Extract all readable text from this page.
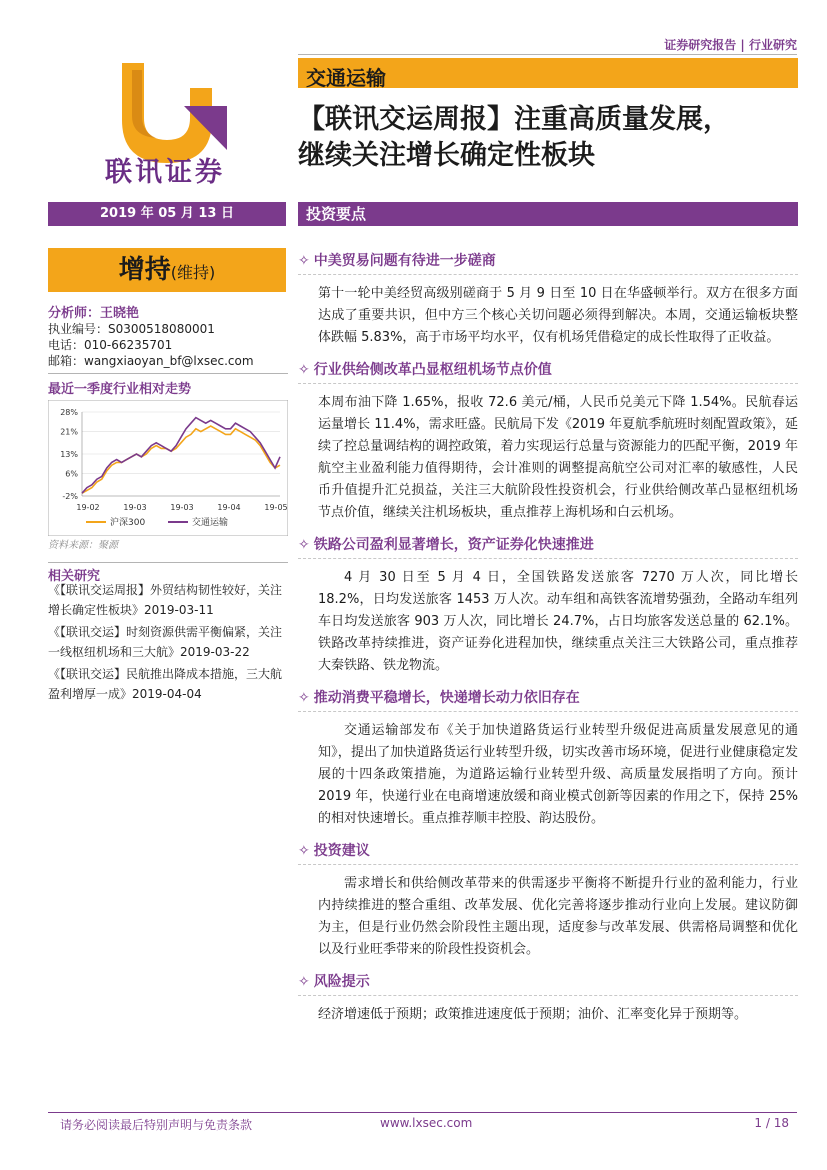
证券研究报告 | 行业研究
联讯证券
交通运输
【联讯交运周报】注重高质量发展，
继续关注增长确定性板块
2019 年 05 月 13 日	投资要点
增持(维持)
分析师：王晓艳
执业编号：S0300518080001
电话：010-66235701
邮箱：wangxiaoyan_bf@lxsec.com
最近一季度行业相对走势
28%
21%
13%
6%
-2%
19-02	19-03	19-03	19-04	19-05
沪深300	交通运输
资料来源：聚源
相关研究
《【联讯交运周报】外贸结构韧性较好，关注增长确定性板块》2019-03-11
《【联讯交运】时刻资源供需平衡偏紧，关注一线枢纽机场和三大航》2019-03-22
《【联讯交运】民航推出降成本措施，三大航盈利增厚一成》2019-04-04
✧ 中美贸易问题有待进一步磋商
第十一轮中美经贸高级别磋商于 5 月 9 日至 10 日在华盛顿举行。双方在很多方面达成了重要共识，但中方三个核心关切问题必须得到解决。本周，交通运输板块整体跌幅 5.83%，高于市场平均水平，仅有机场凭借稳定的成长性取得了正收益。
✧ 行业供给侧改革凸显枢纽机场节点价值
本周布油下降 1.65%，报收 72.6 美元/桶，人民币兑美元下降 1.54%。民航春运运量增长 11.4%，需求旺盛。民航局下发《2019 年夏航季航班时刻配置政策》，延续了控总量调结构的调控政策，着力实现运行总量与资源能力的匹配平衡，2019 年航空主业盈利能力值得期待，会计准则的调整提高航空公司对汇率的敏感性，人民币升值提升汇兑损益，关注三大航阶段性投资机会，行业供给侧改革凸显枢纽机场节点价值，继续关注机场板块，重点推荐上海机场和白云机场。
✧ 铁路公司盈利显著增长，资产证券化快速推进
4 月 30 日至 5 月 4 日，全国铁路发送旅客 7270 万人次，同比增长 18.2%，日均发送旅客 1453 万人次。动车组和高铁客流增势强劲，全路动车组列车日均发送旅客 903 万人次，同比增长 24.7%，占日均旅客发送总量的 62.1%。铁路改革持续推进，资产证券化进程加快，继续重点关注三大铁路公司，重点推荐大秦铁路、铁龙物流。
✧ 推动消费平稳增长，快递增长动力依旧存在
交通运输部发布《关于加快道路货运行业转型升级促进高质量发展意见的通知》，提出了加快道路货运行业转型升级，切实改善市场环境，促进行业健康稳定发展的十四条政策措施，为道路运输行业转型升级、高质量发展指明了方向。预计 2019 年，快递行业在电商增速放缓和商业模式创新等因素的作用之下，保持 25% 的相对快速增长。重点推荐顺丰控股、韵达股份。
✧ 投资建议
需求增长和供给侧改革带来的供需逐步平衡将不断提升行业的盈利能力，行业内持续推进的整合重组、改革发展、优化完善将逐步推动行业向上发展。建议防御为主，但是行业仍然会阶段性主题出现，适度参与改革发展、供需格局调整和优化以及行业旺季带来的阶段性投资机会。
✧ 风险提示
经济增速低于预期；政策推进速度低于预期；油价、汇率变化异于预期等。
请务必阅读最后特别声明与免责条款	www.lxsec.com	1 / 18
